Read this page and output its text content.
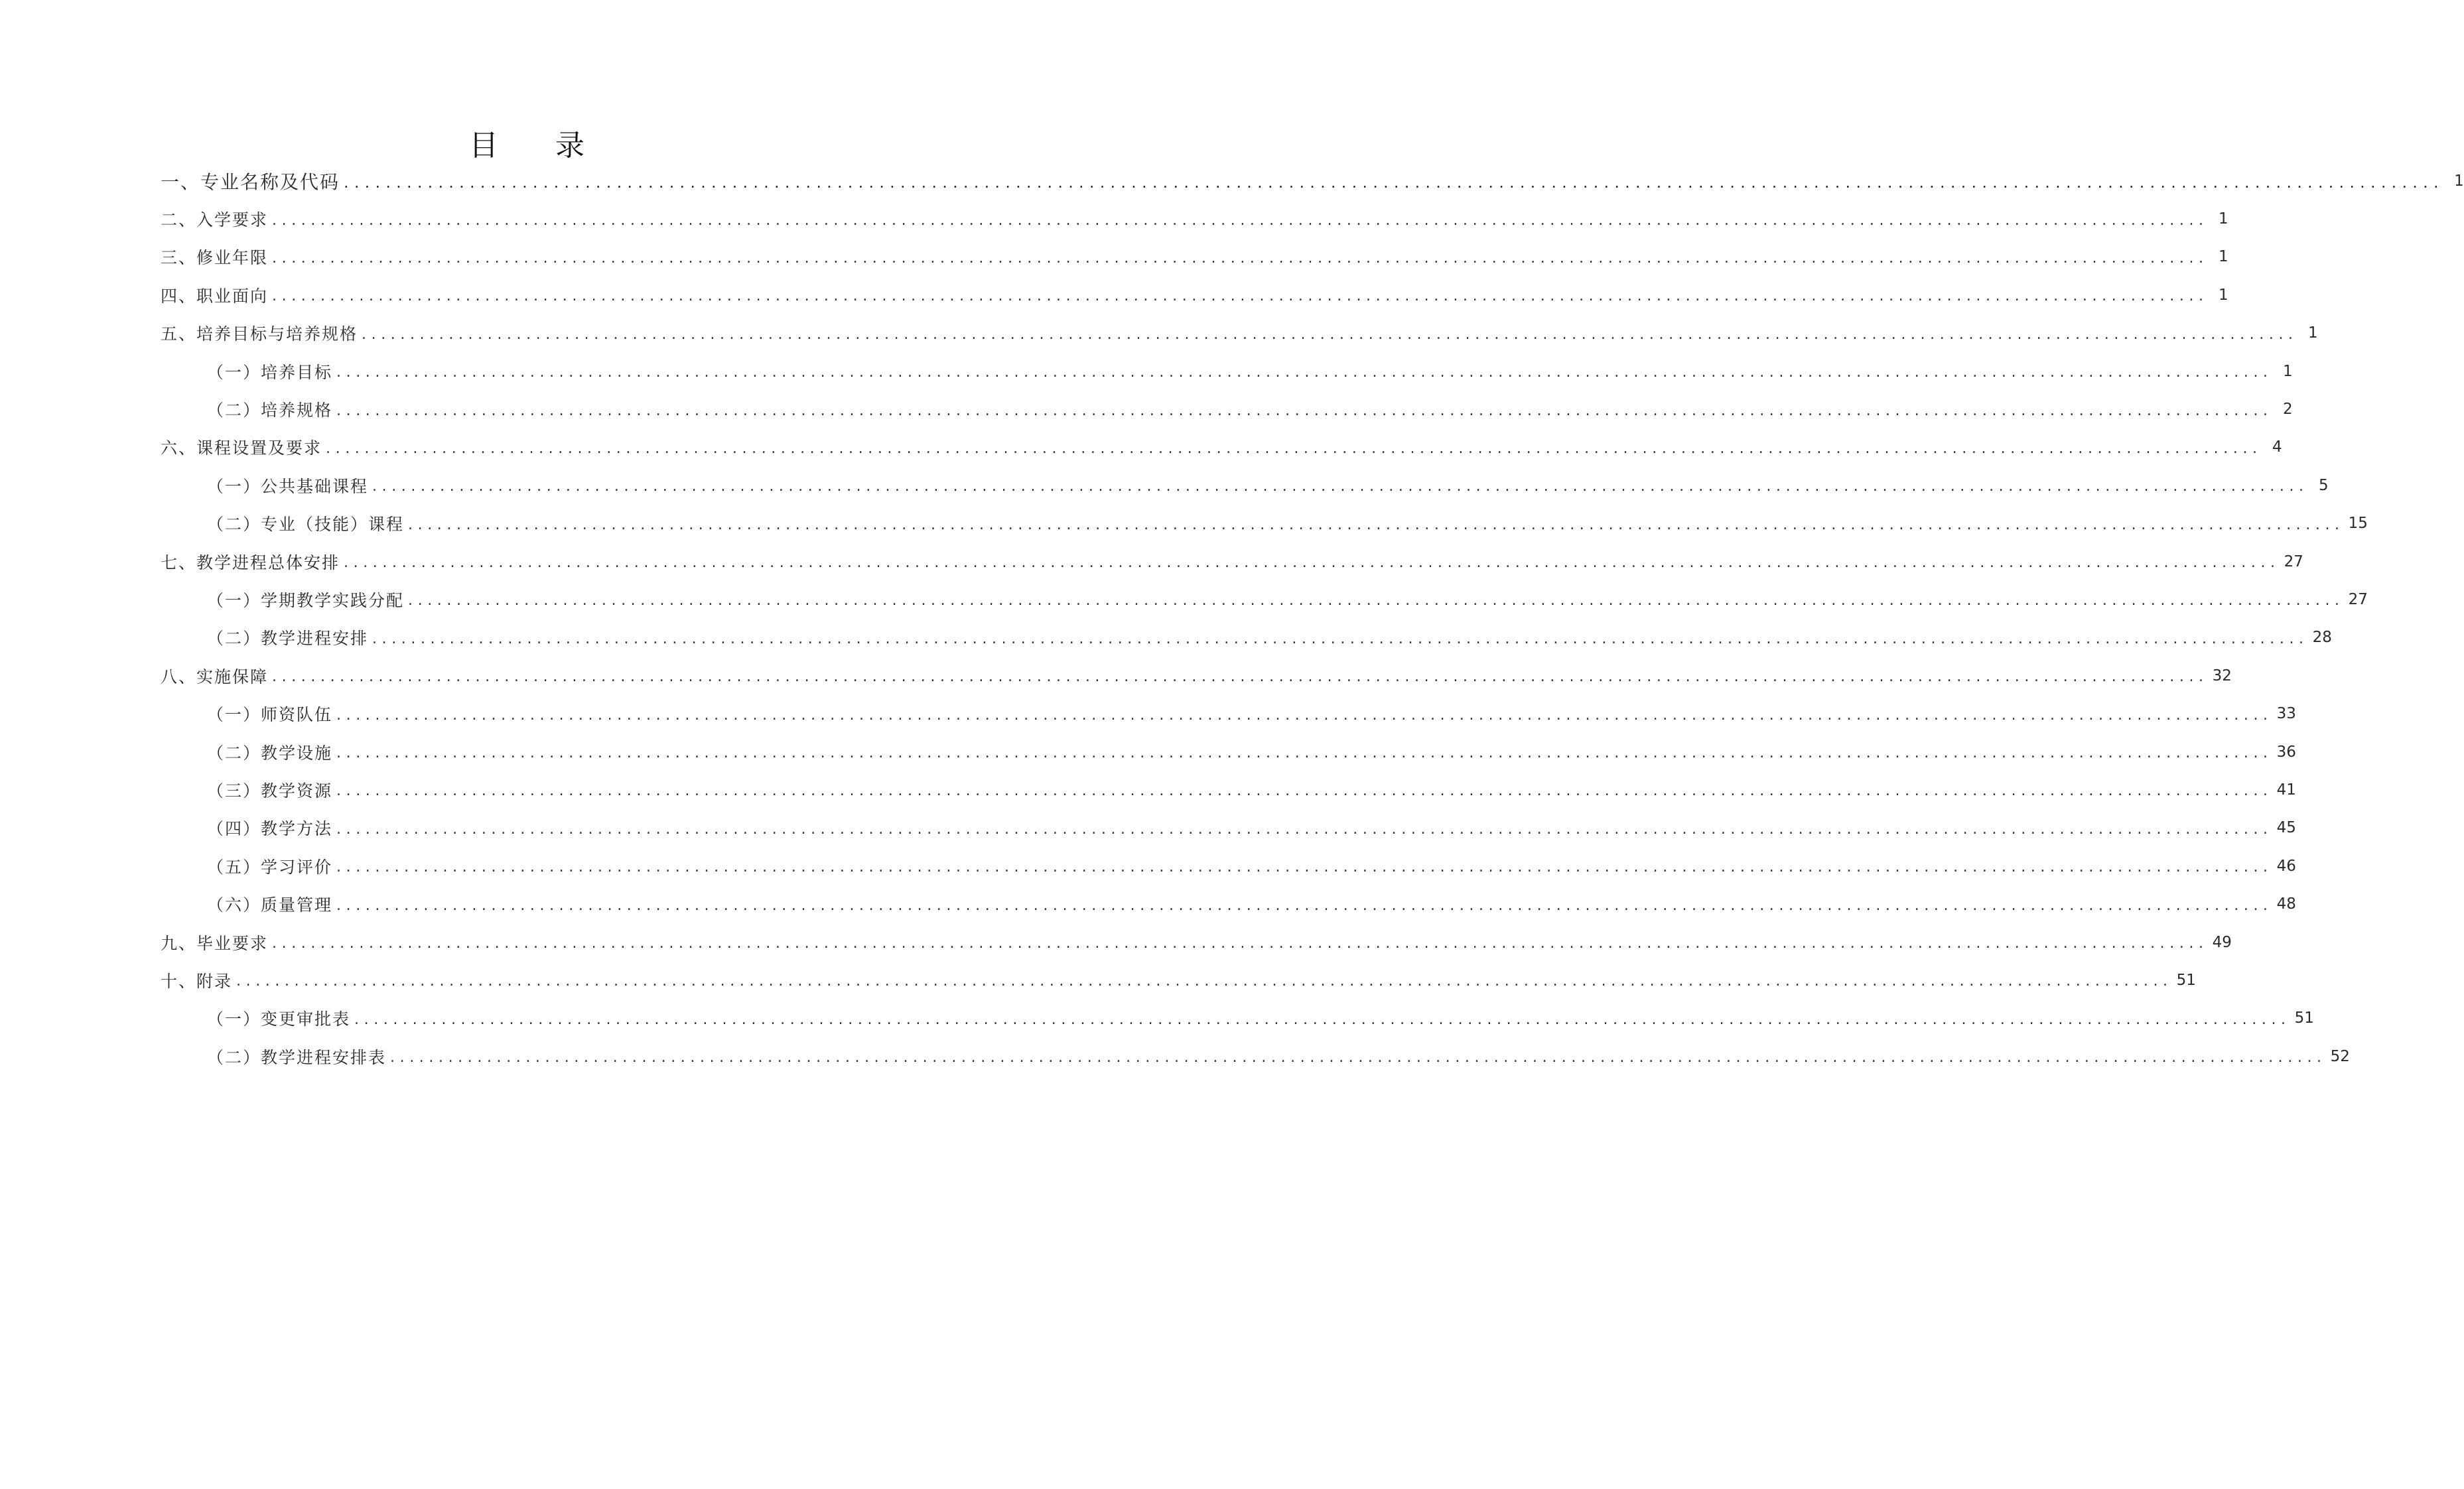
目 录
一、专业名称及代码 ........................................................................................................................................................................................................ 1
二、入学要求 ........................................................................................................................................................................................................ 1
三、修业年限 ........................................................................................................................................................................................................ 1
四、职业面向 ........................................................................................................................................................................................................ 1
五、培养目标与培养规格 ........................................................................................................................................................................................................ 1
（一）培养目标 ........................................................................................................................................................................................................ 1
（二）培养规格 ........................................................................................................................................................................................................ 2
六、课程设置及要求 ........................................................................................................................................................................................................ 4
（一）公共基础课程 ........................................................................................................................................................................................................ 5
（二）专业（技能）课程 ........................................................................................................................................................................................................ 15
七、教学进程总体安排 ........................................................................................................................................................................................................ 27
（一）学期教学实践分配 ........................................................................................................................................................................................................ 27
（二）教学进程安排 ........................................................................................................................................................................................................ 28
八、实施保障 ........................................................................................................................................................................................................ 32
（一）师资队伍 ........................................................................................................................................................................................................ 33
（二）教学设施 ........................................................................................................................................................................................................ 36
（三）教学资源 ........................................................................................................................................................................................................ 41
（四）教学方法 ........................................................................................................................................................................................................ 45
（五）学习评价 ........................................................................................................................................................................................................ 46
（六）质量管理 ........................................................................................................................................................................................................ 48
九、毕业要求 ........................................................................................................................................................................................................ 49
十、附录 ........................................................................................................................................................................................................ 51
（一）变更审批表 ........................................................................................................................................................................................................ 51
（二）教学进程安排表 ........................................................................................................................................................................................................ 52
